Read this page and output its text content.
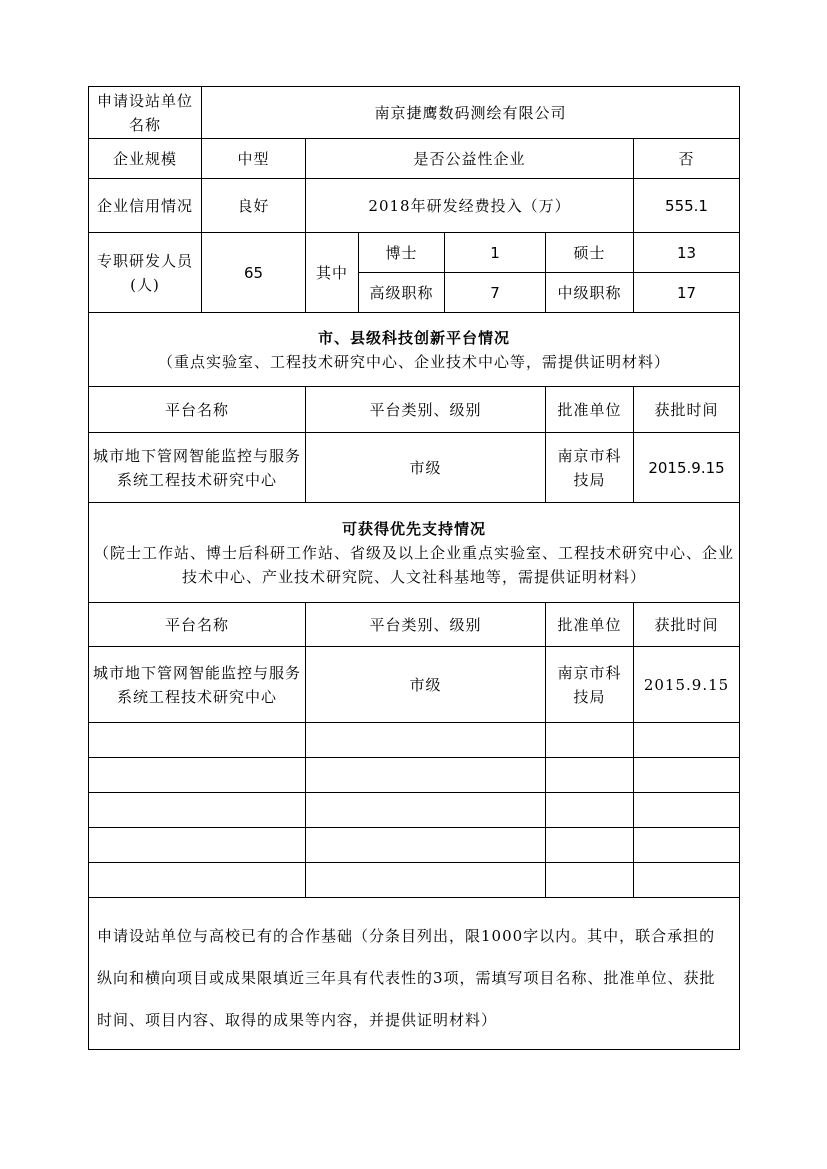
申请设站单位名称	南京捷鹰数码测绘有限公司					
企业规模	中型	是否公益性企业				否
企业信用情况	良好	2018年研发经费投入（万）				555.1
专职研发人员(人)	65	其中	博士	1	硕士	13
			高级职称	7	中级职称	17
市、县级科技创新平台情况
（重点实验室、工程技术研究中心、企业技术中心等，需提供证明材料）						

平台名称		平台类别、级别			批准单位	获批时间
城市地下管网智能监控与服务系统工程技术研究中心		市级			南京市科技局	2015.9.15
可获得优先支持情况
（院士工作站、博士后科研工作站、省级及以上企业重点实验室、工程技术研究中心、企业技术中心、产业技术研究院、人文社科基地等，需提供证明材料）						

平台名称		平台类别、级别			批准单位	获批时间
城市地下管网智能监控与服务系统工程技术研究中心		市级			南京市科技局	2015.9.15

申请设站单位与高校已有的合作基础（分条目列出，限1000字以内。其中，联合承担的纵向和横向项目或成果限填近三年具有代表性的3项，需填写项目名称、批准单位、获批时间、项目内容、取得的成果等内容，并提供证明材料）						
